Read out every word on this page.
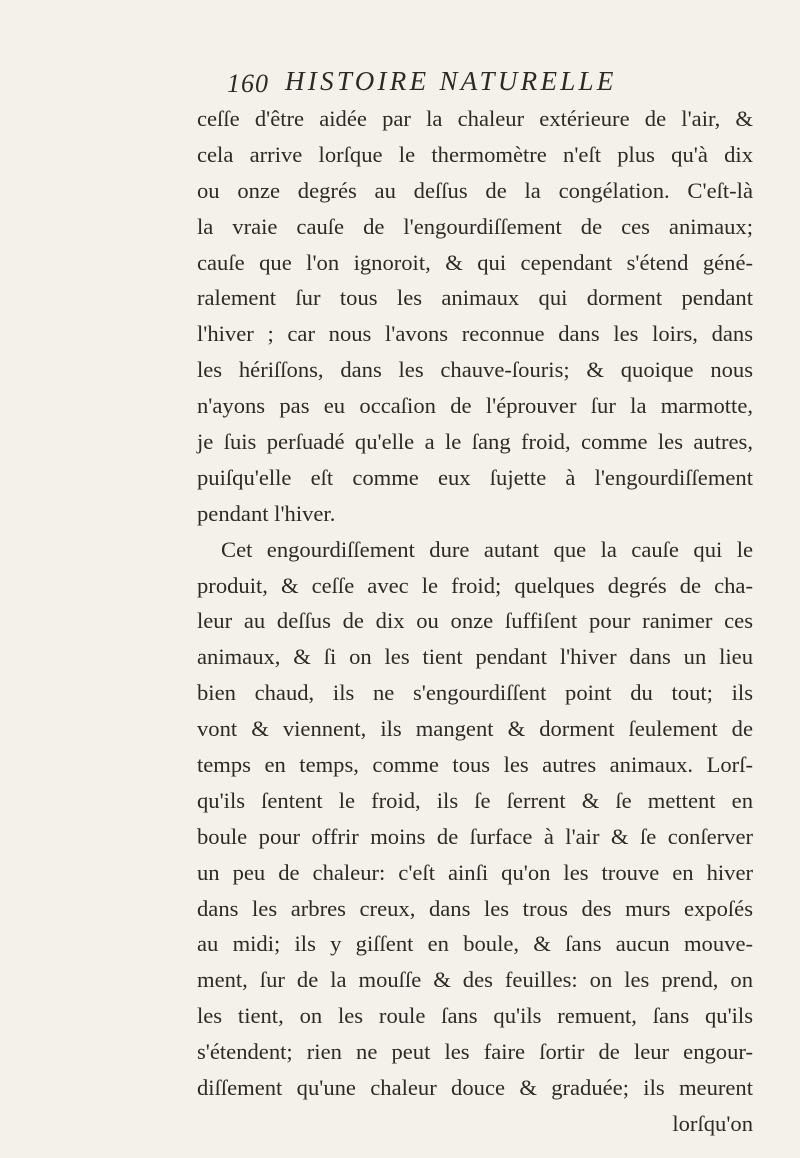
160 HISTOIRE NATURELLE
ceſſe d'être aidée par la chaleur extérieure de l'air, &
cela arrive lorſque le thermomètre n'eſt plus qu'à dix
ou onze degrés au deſſus de la congélation. C'eſt-là
la vraie cauſe de l'engourdiſſement de ces animaux;
cauſe que l'on ignoroit, & qui cependant s'étend géné-
ralement ſur tous les animaux qui dorment pendant
l'hiver ; car nous l'avons reconnue dans les loirs, dans
les hériſſons, dans les chauve-ſouris; & quoique nous
n'ayons pas eu occaſion de l'éprouver ſur la marmotte,
je ſuis perſuadé qu'elle a le ſang froid, comme les autres,
puiſqu'elle eſt comme eux ſujette à l'engourdiſſement
pendant l'hiver.
Cet engourdiſſement dure autant que la cauſe qui le
produit, & ceſſe avec le froid; quelques degrés de cha-
leur au deſſus de dix ou onze ſuffiſent pour ranimer ces
animaux, & ſi on les tient pendant l'hiver dans un lieu
bien chaud, ils ne s'engourdiſſent point du tout; ils
vont & viennent, ils mangent & dorment ſeulement de
temps en temps, comme tous les autres animaux. Lorſ-
qu'ils ſentent le froid, ils ſe ſerrent & ſe mettent en
boule pour offrir moins de ſurface à l'air & ſe conſerver
un peu de chaleur: c'eſt ainſi qu'on les trouve en hiver
dans les arbres creux, dans les trous des murs expoſés
au midi; ils y giſſent en boule, & ſans aucun mouve-
ment, ſur de la mouſſe & des feuilles: on les prend, on
les tient, on les roule ſans qu'ils remuent, ſans qu'ils
s'étendent; rien ne peut les faire ſortir de leur engour-
diſſement qu'une chaleur douce & graduée; ils meurent
lorſqu'on
